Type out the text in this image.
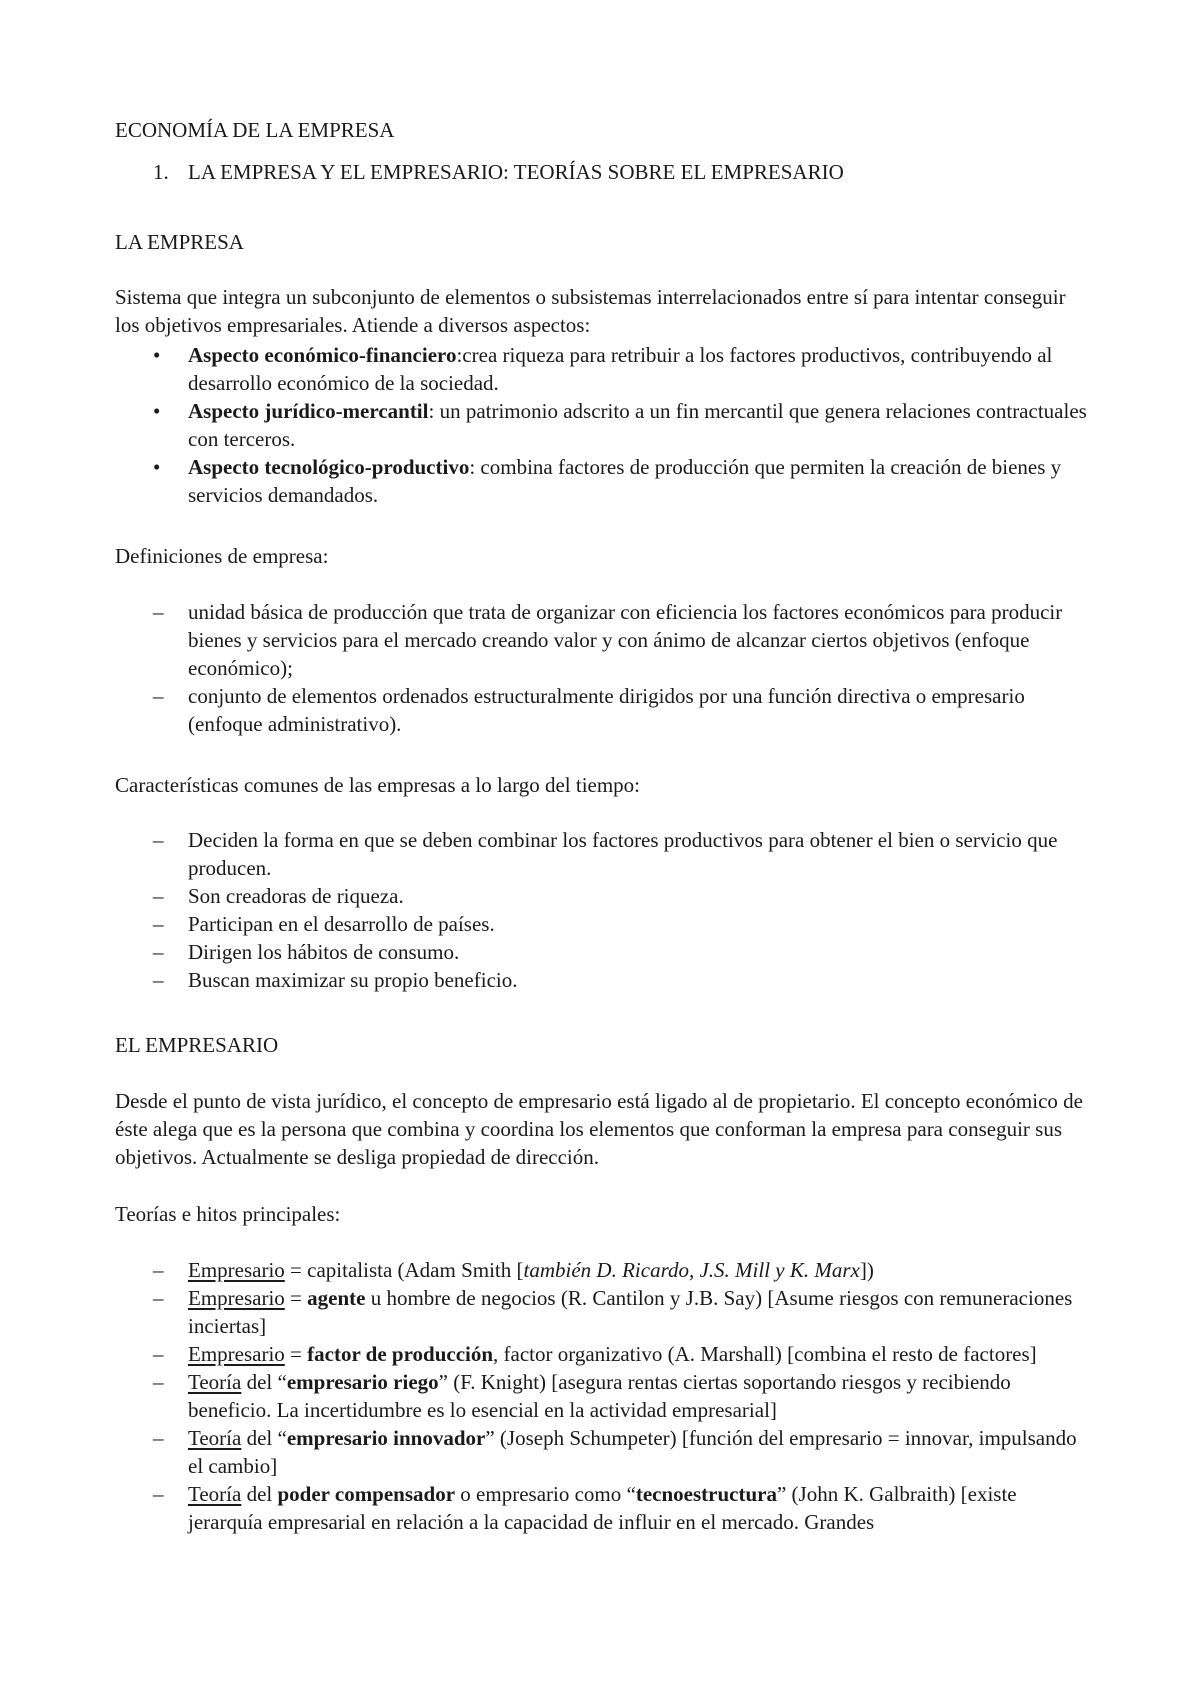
ECONOMÍA DE LA EMPRESA

1. LA EMPRESA Y EL EMPRESARIO: TEORÍAS SOBRE EL EMPRESARIO

LA EMPRESA

Sistema que integra un subconjunto de elementos o subsistemas interrelacionados entre sí para intentar conseguir los objetivos empresariales. Atiende a diversos aspectos:

• Aspecto económico-financiero:crea riqueza para retribuir a los factores productivos, contribuyendo al desarrollo económico de la sociedad.
• Aspecto jurídico-mercantil: un patrimonio adscrito a un fin mercantil que genera relaciones contractuales con terceros.
• Aspecto tecnológico-productivo: combina factores de producción que permiten la creación de bienes y servicios demandados.

Definiciones de empresa:

– unidad básica de producción que trata de organizar con eficiencia los factores económicos para producir bienes y servicios para el mercado creando valor y con ánimo de alcanzar ciertos objetivos (enfoque económico);
– conjunto de elementos ordenados estructuralmente dirigidos por una función directiva o empresario (enfoque administrativo).

Características comunes de las empresas a lo largo del tiempo:

– Deciden la forma en que se deben combinar los factores productivos para obtener el bien o servicio que producen.
– Son creadoras de riqueza.
– Participan en el desarrollo de países.
– Dirigen los hábitos de consumo.
– Buscan maximizar su propio beneficio.

EL EMPRESARIO

Desde el punto de vista jurídico, el concepto de empresario está ligado al de propietario. El concepto económico de éste alega que es la persona que combina y coordina los elementos que conforman la empresa para conseguir sus objetivos. Actualmente se desliga propiedad de dirección.

Teorías e hitos principales:

– Empresario = capitalista (Adam Smith [también D. Ricardo, J.S. Mill y K. Marx])
– Empresario = agente u hombre de negocios (R. Cantilon y J.B. Say) [Asume riesgos con remuneraciones inciertas]
– Empresario = factor de producción, factor organizativo (A. Marshall) [combina el resto de factores]
– Teoría del “empresario riego” (F. Knight) [asegura rentas ciertas soportando riesgos y recibiendo beneficio. La incertidumbre es lo esencial en la actividad empresarial]
– Teoría del “empresario innovador” (Joseph Schumpeter) [función del empresario = innovar, impulsando el cambio]
– Teoría del poder compensador o empresario como “tecnoestructura” (John K. Galbraith) [existe jerarquía empresarial en relación a la capacidad de influir en el mercado. Grandes
